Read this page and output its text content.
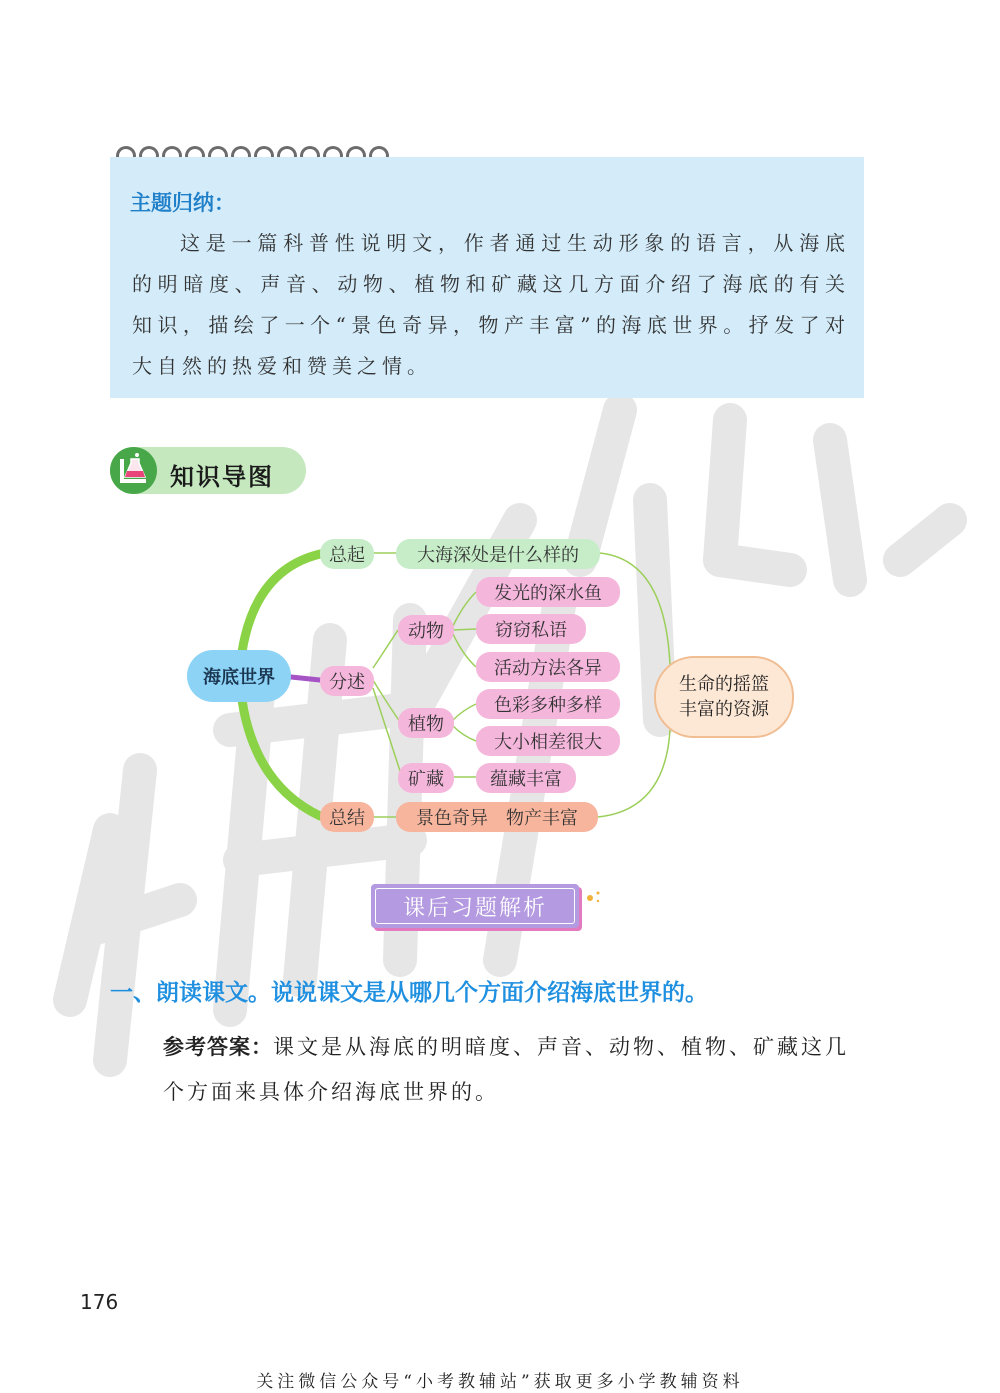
主题归纳：
这是一篇科普性说明文，作者通过生动形象的语言，从海底的明暗度、声音、动物、植物和矿藏这几方面介绍了海底的有关知识，描绘了一个“景色奇异，物产丰富”的海底世界。抒发了对大自然的热爱和赞美之情。
知识导图
海底世界
总起	大海深处是什么样的
分述
动物
发光的深水鱼
窃窃私语
活动方法各异
植物
色彩多种多样
大小相差很大
矿藏	蕴藏丰富
总结	景色奇异　物产丰富
生命的摇篮
丰富的资源
课后习题解析
一、朗读课文。说说课文是从哪几个方面介绍海底世界的。
参考答案：课文是从海底的明暗度、声音、动物、植物、矿藏这几个方面来具体介绍海底世界的。
176
关注微信公众号“小考教辅站”获取更多小学教辅资料
